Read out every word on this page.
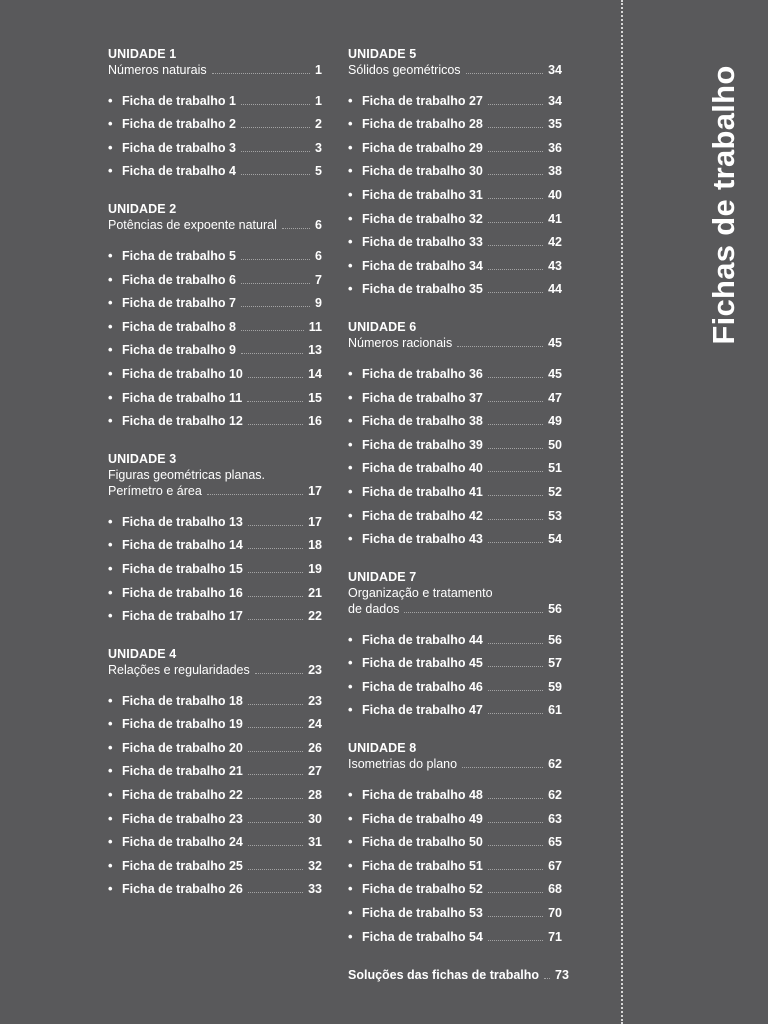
UNIDADE 1
Números naturais	1
• Ficha de trabalho 1	1
• Ficha de trabalho 2	2
• Ficha de trabalho 3	3
• Ficha de trabalho 4	5
UNIDADE 2
Potências de expoente natural	6
• Ficha de trabalho 5	6
• Ficha de trabalho 6	7
• Ficha de trabalho 7	9
• Ficha de trabalho 8	11
• Ficha de trabalho 9	13
• Ficha de trabalho 10	14
• Ficha de trabalho 11	15
• Ficha de trabalho 12	16
UNIDADE 3
Figuras geométricas planas.
Perímetro e área	17
• Ficha de trabalho 13	17
• Ficha de trabalho 14	18
• Ficha de trabalho 15	19
• Ficha de trabalho 16	21
• Ficha de trabalho 17	22
UNIDADE 4
Relações e regularidades	23
• Ficha de trabalho 18	23
• Ficha de trabalho 19	24
• Ficha de trabalho 20	26
• Ficha de trabalho 21	27
• Ficha de trabalho 22	28
• Ficha de trabalho 23	30
• Ficha de trabalho 24	31
• Ficha de trabalho 25	32
• Ficha de trabalho 26	33
UNIDADE 5
Sólidos geométricos	34
• Ficha de trabalho 27	34
• Ficha de trabalho 28	35
• Ficha de trabalho 29	36
• Ficha de trabalho 30	38
• Ficha de trabalho 31	40
• Ficha de trabalho 32	41
• Ficha de trabalho 33	42
• Ficha de trabalho 34	43
• Ficha de trabalho 35	44
UNIDADE 6
Números racionais	45
• Ficha de trabalho 36	45
• Ficha de trabalho 37	47
• Ficha de trabalho 38	49
• Ficha de trabalho 39	50
• Ficha de trabalho 40	51
• Ficha de trabalho 41	52
• Ficha de trabalho 42	53
• Ficha de trabalho 43	54
UNIDADE 7
Organização e tratamento
de dados	56
• Ficha de trabalho 44	56
• Ficha de trabalho 45	57
• Ficha de trabalho 46	59
• Ficha de trabalho 47	61
UNIDADE 8
Isometrias do plano	62
• Ficha de trabalho 48	62
• Ficha de trabalho 49	63
• Ficha de trabalho 50	65
• Ficha de trabalho 51	67
• Ficha de trabalho 52	68
• Ficha de trabalho 53	70
• Ficha de trabalho 54	71
Soluções das fichas de trabalho 73
Fichas de trabalho
